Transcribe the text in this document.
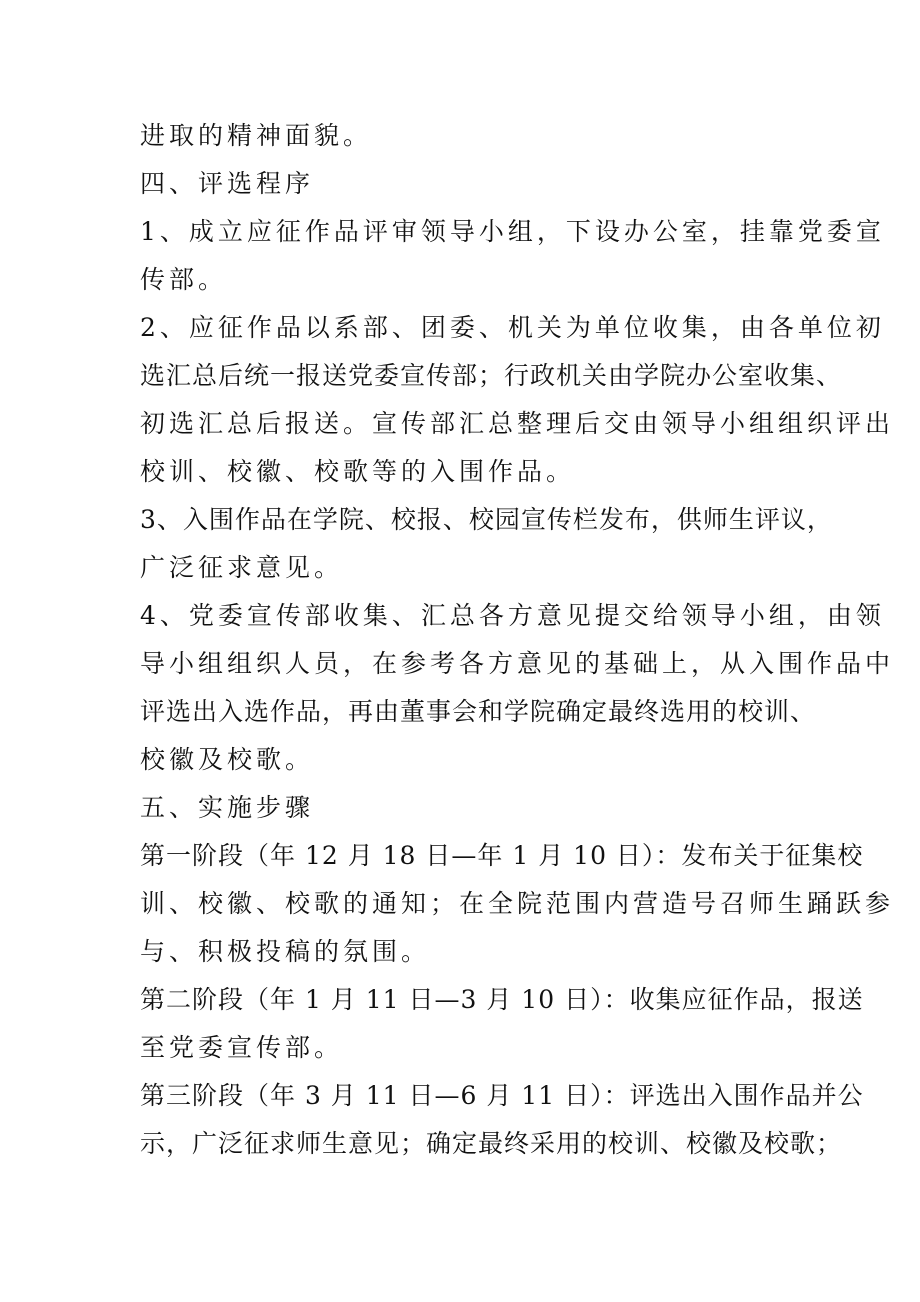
进取的精神面貌。
四、评选程序
1、成立应征作品评审领导小组，下设办公室，挂靠党委宣
传部。
2、应征作品以系部、团委、机关为单位收集，由各单位初
选汇总后统一报送党委宣传部；行政机关由学院办公室收集、
初选汇总后报送。宣传部汇总整理后交由领导小组组织评出
校训、校徽、校歌等的入围作品。
3、入围作品在学院、校报、校园宣传栏发布，供师生评议，
广泛征求意见。
4、党委宣传部收集、汇总各方意见提交给领导小组，由领
导小组组织人员，在参考各方意见的基础上，从入围作品中
评选出入选作品，再由董事会和学院确定最终选用的校训、
校徽及校歌。
五、实施步骤
第一阶段（年 12 月 18 日—年 1 月 10 日）：发布关于征集校
训、校徽、校歌的通知；在全院范围内营造号召师生踊跃参
与、积极投稿的氛围。
第二阶段（年 1 月 11 日—3 月 10 日）：收集应征作品，报送
至党委宣传部。
第三阶段（年 3 月 11 日—6 月 11 日）：评选出入围作品并公
示，广泛征求师生意见；确定最终采用的校训、校徽及校歌；
